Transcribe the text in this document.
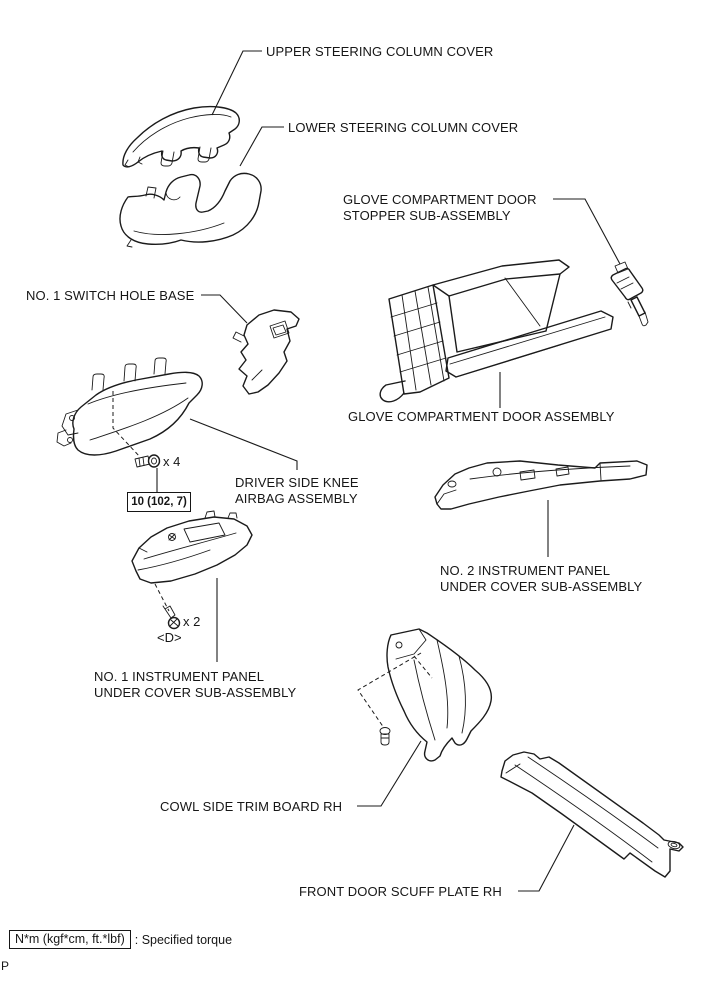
UPPER STEERING COLUMN COVER
LOWER STEERING COLUMN COVER
GLOVE COMPARTMENT DOOR
STOPPER SUB-ASSEMBLY
NO. 1 SWITCH HOLE BASE
GLOVE COMPARTMENT DOOR ASSEMBLY
DRIVER SIDE KNEE
AIRBAG ASSEMBLY
NO. 2 INSTRUMENT PANEL
UNDER COVER SUB-ASSEMBLY
NO. 1 INSTRUMENT PANEL
UNDER COVER SUB-ASSEMBLY
COWL SIDE TRIM BOARD RH
FRONT DOOR SCUFF PLATE RH
x 4
x 2
<D>
10 (102, 7)
N*m (kgf*cm, ft.*lbf) : Specified torque
P
